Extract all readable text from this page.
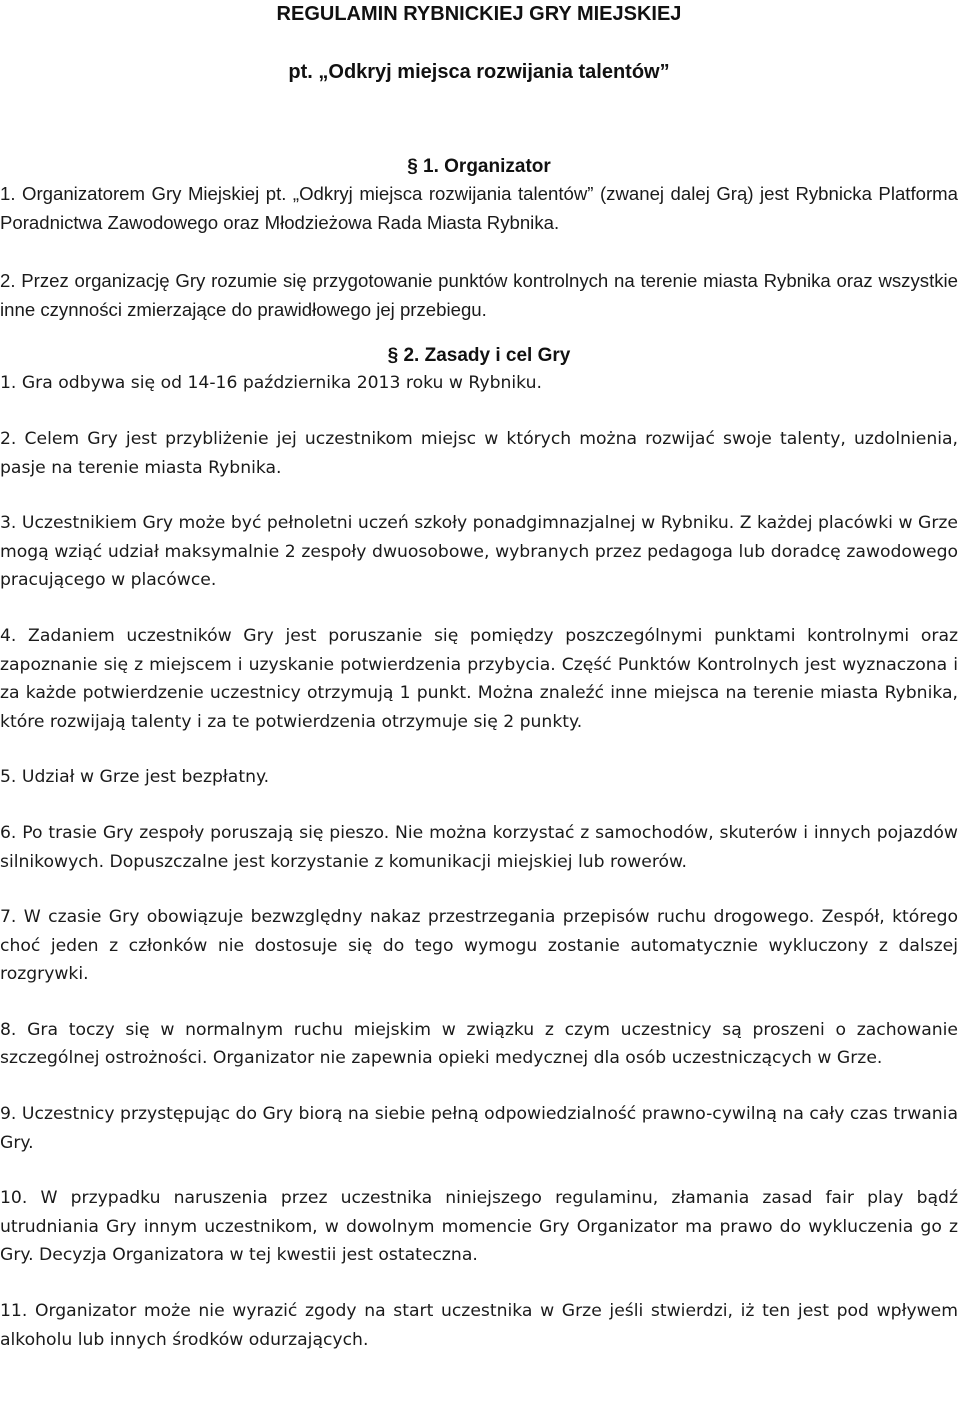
REGULAMIN RYBNICKIEJ GRY MIEJSKIEJ
pt. „Odkryj miejsca rozwijania talentów”
§ 1. Organizator

1. Organizatorem Gry Miejskiej pt. „Odkryj miejsca rozwijania talentów” (zwanej dalej Grą) jest Rybnicka Platforma Poradnictwa Zawodowego oraz Młodzieżowa Rada Miasta Rybnika.

2. Przez organizację Gry rozumie się przygotowanie punktów kontrolnych na terenie miasta Rybnika oraz wszystkie inne czynności zmierzające do prawidłowego jej przebiegu.

§ 2. Zasady i cel Gry

1. Gra odbywa się od 14-16 października 2013 roku w Rybniku.

2. Celem Gry jest przybliżenie jej uczestnikom miejsc w których można rozwijać swoje talenty, uzdolnienia, pasje na terenie miasta Rybnika.

3. Uczestnikiem Gry może być pełnoletni uczeń szkoły ponadgimnazjalnej w Rybniku. Z każdej placówki w Grze mogą wziąć udział maksymalnie 2 zespoły dwuosobowe, wybranych przez pedagoga lub doradcę zawodowego pracującego w placówce.

4. Zadaniem uczestników Gry jest poruszanie się pomiędzy poszczególnymi punktami kontrolnymi oraz zapoznanie się z miejscem i uzyskanie potwierdzenia przybycia. Część Punktów Kontrolnych jest wyznaczona i za każde potwierdzenie uczestnicy otrzymują 1 punkt. Można znaleźć inne miejsca na terenie miasta Rybnika, które rozwijają talenty i za te potwierdzenia otrzymuje się 2 punkty.

5. Udział w Grze jest bezpłatny.

6. Po trasie Gry zespoły poruszają się pieszo. Nie można korzystać z samochodów, skuterów i innych pojazdów silnikowych. Dopuszczalne jest korzystanie z komunikacji miejskiej lub rowerów.

7. W czasie Gry obowiązuje bezwzględny nakaz przestrzegania przepisów ruchu drogowego. Zespół, którego choć jeden z członków nie dostosuje się do tego wymogu zostanie automatycznie wykluczony z dalszej rozgrywki.

8. Gra toczy się w normalnym ruchu miejskim w związku z czym uczestnicy są proszeni o zachowanie szczególnej ostrożności. Organizator nie zapewnia opieki medycznej dla osób uczestniczących w Grze.

9. Uczestnicy przystępując do Gry biorą na siebie pełną odpowiedzialność prawno-cywilną na cały czas trwania Gry.

10. W przypadku naruszenia przez uczestnika niniejszego regulaminu, złamania zasad fair play bądź utrudniania Gry innym uczestnikom, w dowolnym momencie Gry Organizator ma prawo do wykluczenia go z Gry. Decyzja Organizatora w tej kwestii jest ostateczna.

11. Organizator może nie wyrazić zgody na start uczestnika w Grze jeśli stwierdzi, iż ten jest pod wpływem alkoholu lub innych środków odurzających.
